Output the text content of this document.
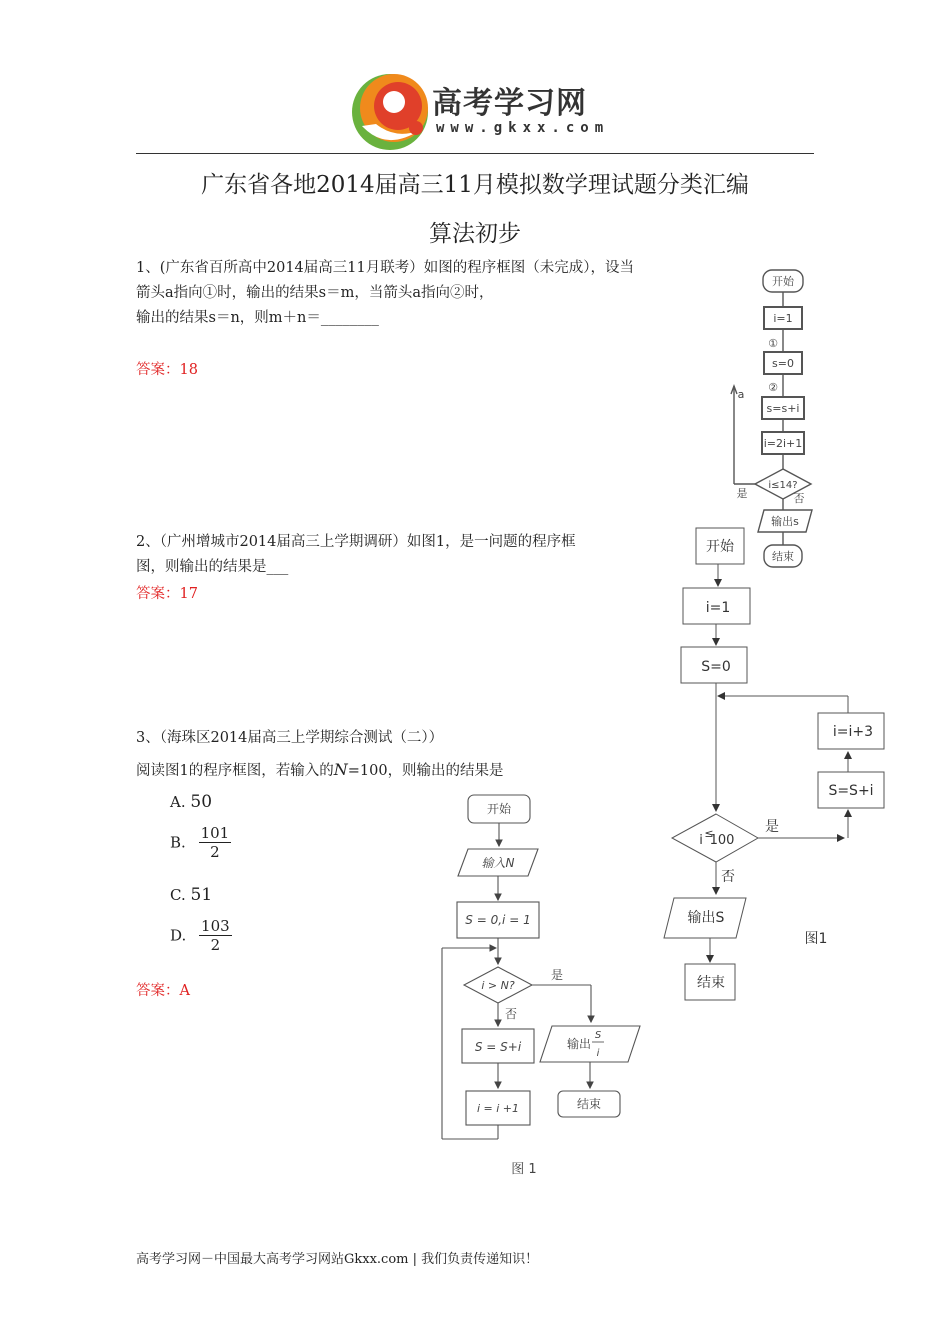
高考学习网
www.gkxx.com
广东省各地2014届高三11月模拟数学理试题分类汇编
算法初步
1、(广东省百所高中2014届高三11月联考）如图的程序框图（未完成），设当
箭头a指向①时，输出的结果s＝m，当箭头a指向②时，
输出的结果s＝n，则m＋n＝________
答案：18
开始
i=1
①
s=0
②
s=s+i
i=2i+1
i≤14?
是	否
a
输出s
结束
2、（广州增城市2014届高三上学期调研）如图1，是一问题的程序框
图，则输出的结果是___
答案：17
开始
i=1
S=0
i=i+3
S=S+i
i ≤
100
是
否
输出S
结束
图1
3、（海珠区2014届高三上学期综合测试（二））
阅读图1的程序框图，若输入的N=100，则输出的结果是
A. 50
B. $\frac{101}{2}$
C. 51
D. $\frac{103}{2}$
答案：A
开始
输入N
S = 0,i = 1
i > N?
是
否
S = S+i
i = i +1
输出
S
i
结束
图 1
高考学习网－中国最大高考学习网站Gkxx.com | 我们负责传递知识！
